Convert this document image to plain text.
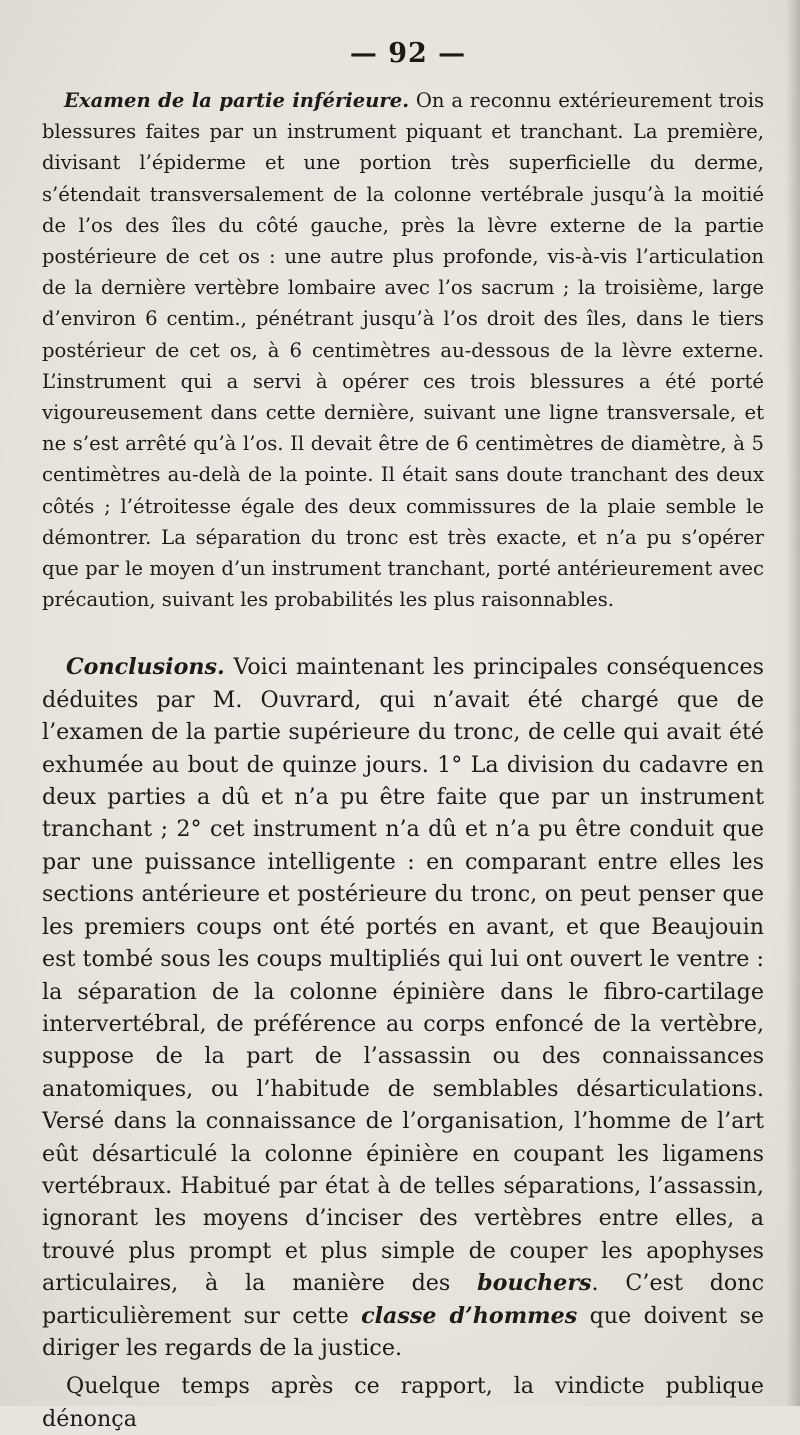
— 92 —

Examen de la partie inférieure. On a reconnu extérieurement trois blessures faites par un instrument piquant et tranchant. La première, divisant l’épiderme et une portion très superficielle du derme, s’étendait transversalement de la colonne vertébrale jusqu’à la moitié de l’os des îles du côté gauche, près la lèvre externe de la partie postérieure de cet os : une autre plus profonde, vis-à-vis l’articulation de la dernière vertèbre lombaire avec l’os sacrum ; la troisième, large d’environ 6 centim., pénétrant jusqu’à l’os droit des îles, dans le tiers postérieur de cet os, à 6 centimètres au-dessous de la lèvre externe. L’instrument qui a servi à opérer ces trois blessures a été porté vigoureusement dans cette dernière, suivant une ligne transversale, et ne s’est arrêté qu’à l’os. Il devait être de 6 centimètres de diamètre, à 5 centimètres au-delà de la pointe. Il était sans doute tranchant des deux côtés ; l’étroitesse égale des deux commissures de la plaie semble le démontrer. La séparation du tronc est très exacte, et n’a pu s’opérer que par le moyen d’un instrument tranchant, porté antérieurement avec précaution, suivant les probabilités les plus raisonnables.

Conclusions. Voici maintenant les principales conséquences déduites par M. Ouvrard, qui n’avait été chargé que de l’examen de la partie supérieure du tronc, de celle qui avait été exhumée au bout de quinze jours. 1° La division du cadavre en deux parties a dû et n’a pu être faite que par un instrument tranchant ; 2° cet instrument n’a dû et n’a pu être conduit que par une puissance intelligente : en comparant entre elles les sections antérieure et postérieure du tronc, on peut penser que les premiers coups ont été portés en avant, et que Beaujouin est tombé sous les coups multipliés qui lui ont ouvert le ventre : la séparation de la colonne épinière dans le fibro-cartilage intervertébral, de préférence au corps enfoncé de la vertèbre, suppose de la part de l’assassin ou des connaissances anatomiques, ou l’habitude de semblables désarticulations. Versé dans la connaissance de l’organisation, l’homme de l’art eût désarticulé la colonne épinière en coupant les ligamens vertébraux. Habitué par état à de telles séparations, l’assassin, ignorant les moyens d’inciser des vertèbres entre elles, a trouvé plus prompt et plus simple de couper les apophyses articulaires, à la manière des bouchers. C’est donc particulièrement sur cette classe d’hommes que doivent se diriger les regards de la justice.

Quelque temps après ce rapport, la vindicte publique dénonça
